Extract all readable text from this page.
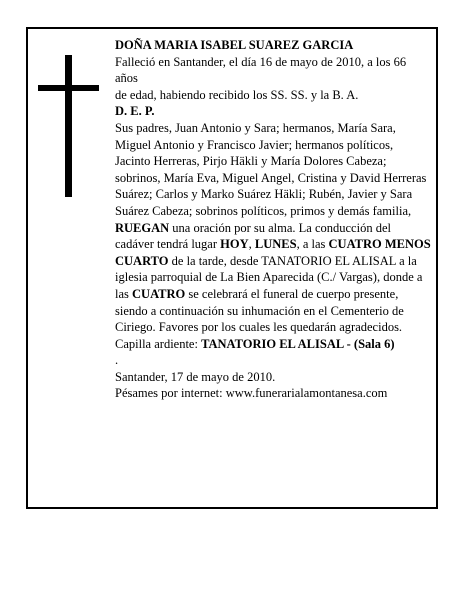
DOÑA MARIA ISABEL SUAREZ GARCIA
Falleció en Santander, el día 16 de mayo de 2010, a los 66 años
de edad, habiendo recibido los SS. SS. y la B. A.
D. E. P.
Sus padres, Juan Antonio y Sara; hermanos, María Sara, Miguel Antonio y Francisco Javier; hermanos políticos, Jacinto Herreras, Pirjo Häkli y María Dolores Cabeza; sobrinos, María Eva, Miguel Angel, Cristina y David Herreras Suárez; Carlos y Marko Suárez Häkli; Rubén, Javier y Sara Suárez Cabeza; sobrinos políticos, primos y demás familia,
RUEGAN una oración por su alma. La conducción del cadáver tendrá lugar HOY, LUNES, a las CUATRO MENOS CUARTO de la tarde, desde TANATORIO EL ALISAL a la iglesia parroquial de La Bien Aparecida (C./ Vargas), donde a las CUATRO se celebrará el funeral de cuerpo presente, siendo a continuación su inhumación en el Cementerio de Ciriego. Favores por los cuales les quedarán agradecidos.
Capilla ardiente: TANATORIO EL ALISAL - (Sala 6)
.
Santander, 17 de mayo de 2010.
Pésames por internet: www.funerarialamontanesa.com
